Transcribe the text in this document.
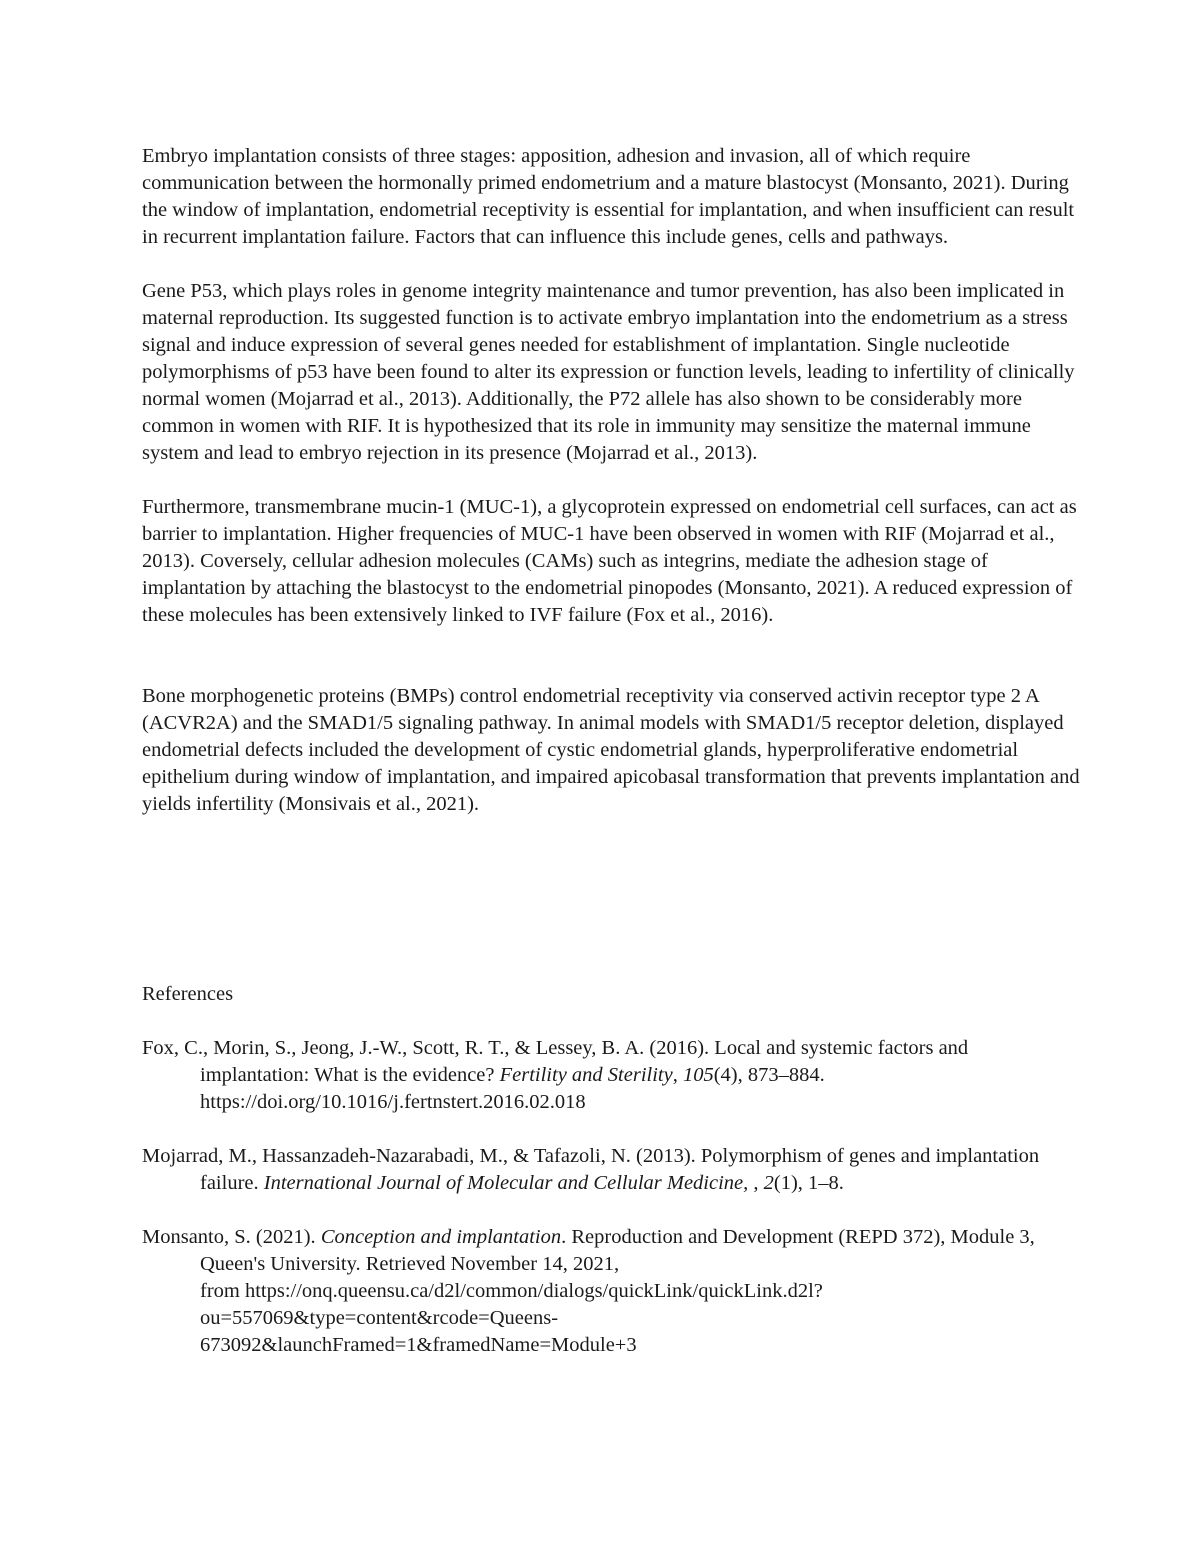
Embryo implantation consists of three stages: apposition, adhesion and invasion, all of which require communication between the hormonally primed endometrium and a mature blastocyst (Monsanto, 2021). During the window of implantation, endometrial receptivity is essential for implantation, and when insufficient can result in recurrent implantation failure. Factors that can influence this include genes, cells and pathways.

Gene P53, which plays roles in genome integrity maintenance and tumor prevention, has also been implicated in maternal reproduction. Its suggested function is to activate embryo implantation into the endometrium as a stress signal and induce expression of several genes needed for establishment of implantation. Single nucleotide polymorphisms of p53 have been found to alter its expression or function levels, leading to infertility of clinically normal women (Mojarrad et al., 2013). Additionally, the P72 allele has also shown to be considerably more common in women with RIF. It is hypothesized that its role in immunity may sensitize the maternal immune system and lead to embryo rejection in its presence (Mojarrad et al., 2013).

Furthermore, transmembrane mucin-1 (MUC-1), a glycoprotein expressed on endometrial cell surfaces, can act as barrier to implantation. Higher frequencies of MUC-1 have been observed in women with RIF (Mojarrad et al., 2013). Coversely, cellular adhesion molecules (CAMs) such as integrins, mediate the adhesion stage of implantation by attaching the blastocyst to the endometrial pinopodes (Monsanto, 2021). A reduced expression of these molecules has been extensively linked to IVF failure (Fox et al., 2016).

Bone morphogenetic proteins (BMPs) control endometrial receptivity via conserved activin receptor type 2 A (ACVR2A) and the SMAD1/5 signaling pathway. In animal models with SMAD1/5 receptor deletion, displayed endometrial defects included the development of cystic endometrial glands, hyperproliferative endometrial epithelium during window of implantation, and impaired apicobasal transformation that prevents implantation and yields infertility (Monsivais et al., 2021).

References

Fox, C., Morin, S., Jeong, J.-W., Scott, R. T., & Lessey, B. A. (2016). Local and systemic factors and implantation: What is the evidence? Fertility and Sterility, 105(4), 873–884.
https://doi.org/10.1016/j.fertnstert.2016.02.018

Mojarrad, M., Hassanzadeh-Nazarabadi, M., & Tafazoli, N. (2013). Polymorphism of genes and implantation failure. International Journal of Molecular and Cellular Medicine, , 2(1), 1–8.

Monsanto, S. (2021). Conception and implantation. Reproduction and Development (REPD 372), Module 3, Queen's University. Retrieved November 14, 2021,
from https://onq.queensu.ca/d2l/common/dialogs/quickLink/quickLink.d2l?
ou=557069&type=content&rcode=Queens-
673092&launchFramed=1&framedName=Module+3
